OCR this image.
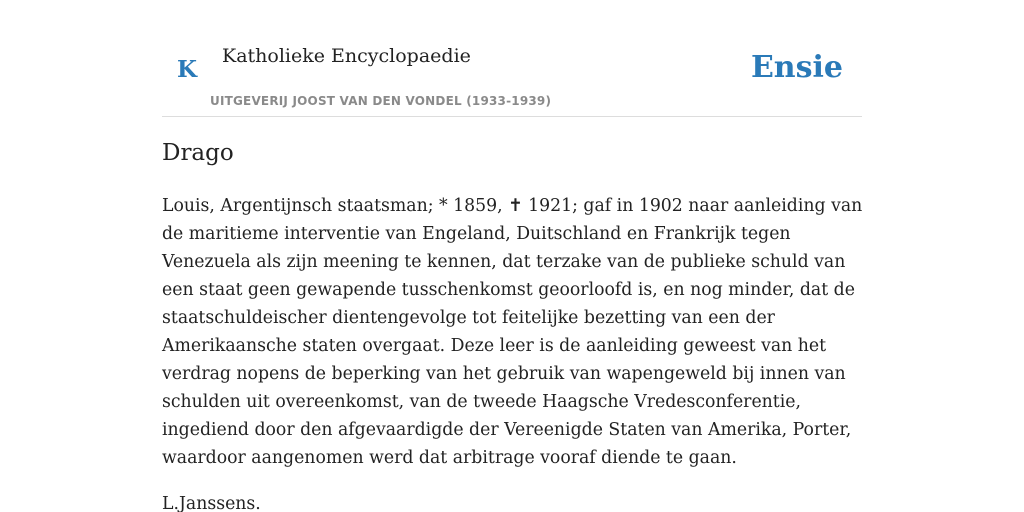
K Katholieke Encyclopaedie
UITGEVERIJ JOOST VAN DEN VONDEL (1933-1939)
Ensie
Drago

Louis, Argentijnsch staatsman; * 1859, ✝ 1921; gaf in 1902 naar aanleiding van de maritieme interventie van Engeland, Duitschland en Frankrijk tegen Venezuela als zijn meening te kennen, dat terzake van de publieke schuld van een staat geen gewapende tusschenkomst geoorloofd is, en nog minder, dat de staatschuldeischer dientengevolge tot feitelijke bezetting van een der Amerikaansche staten overgaat. Deze leer is de aanleiding geweest van het verdrag nopens de beperking van het gebruik van wapengeweld bij innen van schulden uit overeenkomst, van de tweede Haagsche Vredesconferentie, ingediend door den afgevaardigde der Vereenigde Staten van Amerika, Porter, waardoor aangenomen werd dat arbitrage vooraf diende te gaan.

L.Janssens.
